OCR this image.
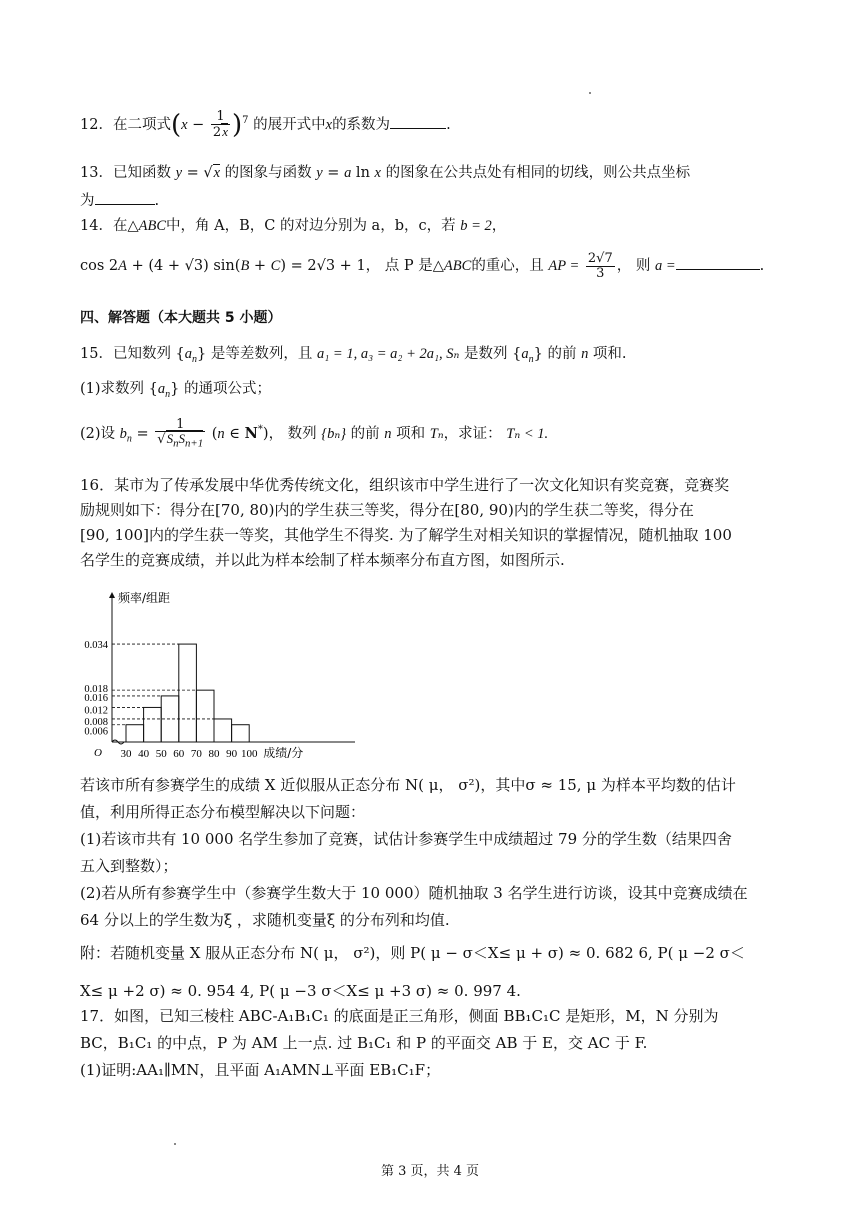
12．在二项式$(x - \frac{1}{2x} )^7$ 的展开式中x的系数为	.
13．已知函数 y = √x 的图象与函数 y = a ln x 的图象在公共点处有相同的切线，则公共点坐标
为	.
14．在△ABC中，角 A，B，C 的对边分别为 a，b，c，若 b = 2，
cos 2A + (4 + √3) sin(B + C) = 2√3 + 1， 点 P 是△ABC的重心，且 AP = $\frac{2√7}{3}$ ， 则 a =	.
四、解答题（本大题共 5 小题）
15．已知数列 $\{a_n\}$ 是等差数列，且 a₁ = 1, a₃ = a₂ + 2a₁, Sₙ 是数列 $\{a_n\}$ 的前 n 项和.
(1)求数列 $\{a_n\}$ 的通项公式；
(2)设 $b_n = \frac{1}{√S_nS_{n+1}} (n$ ∈ N*)， 数列 {bₙ} 的前 n 项和 Tₙ，求证： Tₙ < 1.
16．某市为了传承发展中华优秀传统文化，组织该市中学生进行了一次文化知识有奖竞赛，竞赛奖
励规则如下：得分在[70, 80)内的学生获三等奖，得分在[80, 90)内的学生获二等奖，得分在
[90, 100]内的学生获一等奖，其他学生不得奖. 为了解学生对相关知识的掌握情况，随机抽取 100
名学生的竞赛成绩，并以此为样本绘制了样本频率分布直方图，如图所示.
频率/组距
O
0.034
0.018
0.016
0.012
0.008
0.006
30 40 50 60 70 80 90 100 成绩/分
若该市所有参赛学生的成绩 X 近似服从正态分布 N( μ， σ²)，其中σ ≈ 15, μ 为样本平均数的估计
值，利用所得正态分布模型解决以下问题：
(1)若该市共有 10 000 名学生参加了竞赛，试估计参赛学生中成绩超过 79 分的学生数（结果四舍
五入到整数）；
(2)若从所有参赛学生中（参赛学生数大于 10 000）随机抽取 3 名学生进行访谈，设其中竞赛成绩在
64 分以上的学生数为ξ ，求随机变量ξ 的分布列和均值.
附：若随机变量 X 服从正态分布 N( μ， σ²)，则 P( μ − σ＜X≤ μ + σ) ≈ 0. 682 6, P( μ −2 σ＜
X≤ μ +2 σ) ≈ 0. 954 4, P( μ −3 σ＜X≤ μ +3 σ) ≈ 0. 997 4.
17．如图，已知三棱柱 ABC-A₁B₁C₁ 的底面是正三角形，侧面 BB₁C₁C 是矩形，M，N 分别为
BC，B₁C₁ 的中点，P 为 AM 上一点. 过 B₁C₁ 和 P 的平面交 AB 于 E，交 AC 于 F.
(1)证明:AA₁∥MN，且平面 A₁AMN⊥平面 EB₁C₁F；
第 3 页，共 4 页
